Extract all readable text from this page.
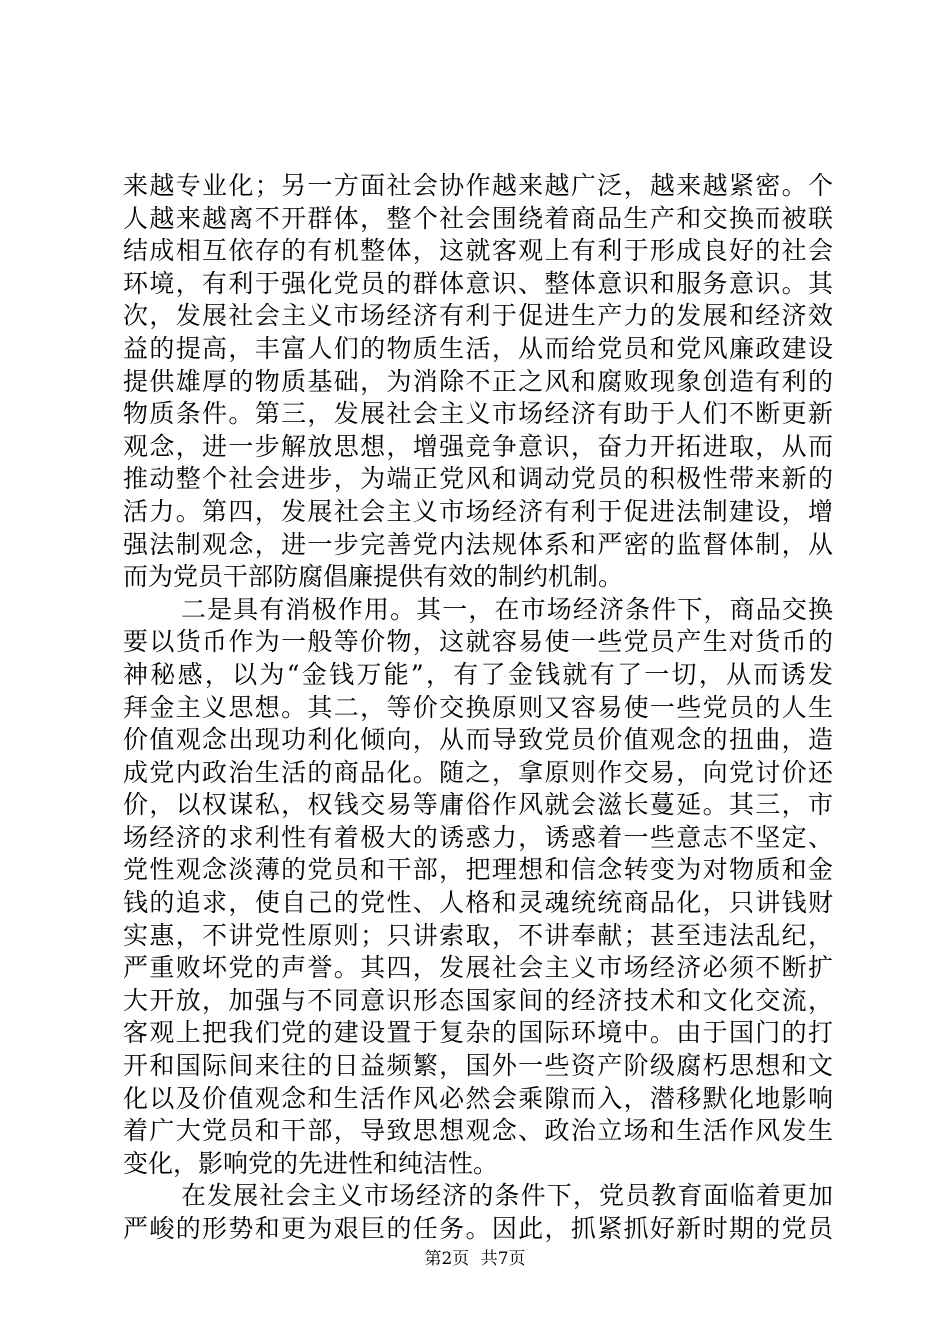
来越专业化；另一方面社会协作越来越广泛，越来越紧密。个
人越来越离不开群体，整个社会围绕着商品生产和交换而被联
结成相互依存的有机整体，这就客观上有利于形成良好的社会
环境，有利于强化党员的群体意识、整体意识和服务意识。其
次，发展社会主义市场经济有利于促进生产力的发展和经济效
益的提高，丰富人们的物质生活，从而给党员和党风廉政建设
提供雄厚的物质基础，为消除不正之风和腐败现象创造有利的
物质条件。第三，发展社会主义市场经济有助于人们不断更新
观念，进一步解放思想，增强竞争意识，奋力开拓进取，从而
推动整个社会进步，为端正党风和调动党员的积极性带来新的
活力。第四，发展社会主义市场经济有利于促进法制建设，增
强法制观念，进一步完善党内法规体系和严密的监督体制，从
而为党员干部防腐倡廉提供有效的制约机制。
二是具有消极作用。其一，在市场经济条件下，商品交换
要以货币作为一般等价物，这就容易使一些党员产生对货币的
神秘感，以为“金钱万能”，有了金钱就有了一切，从而诱发
拜金主义思想。其二，等价交换原则又容易使一些党员的人生
价值观念出现功利化倾向，从而导致党员价值观念的扭曲，造
成党内政治生活的商品化。随之，拿原则作交易，向党讨价还
价，以权谋私，权钱交易等庸俗作风就会滋长蔓延。其三，市
场经济的求利性有着极大的诱惑力，诱惑着一些意志不坚定、
党性观念淡薄的党员和干部，把理想和信念转变为对物质和金
钱的追求，使自己的党性、人格和灵魂统统商品化，只讲钱财
实惠，不讲党性原则；只讲索取，不讲奉献；甚至违法乱纪，
严重败坏党的声誉。其四，发展社会主义市场经济必须不断扩
大开放，加强与不同意识形态国家间的经济技术和文化交流，
客观上把我们党的建设置于复杂的国际环境中。由于国门的打
开和国际间来往的日益频繁，国外一些资产阶级腐朽思想和文
化以及价值观念和生活作风必然会乘隙而入，潜移默化地影响
着广大党员和干部，导致思想观念、政治立场和生活作风发生
变化，影响党的先进性和纯洁性。
在发展社会主义市场经济的条件下，党员教育面临着更加
严峻的形势和更为艰巨的任务。因此，抓紧抓好新时期的党员
第2页 共7页
